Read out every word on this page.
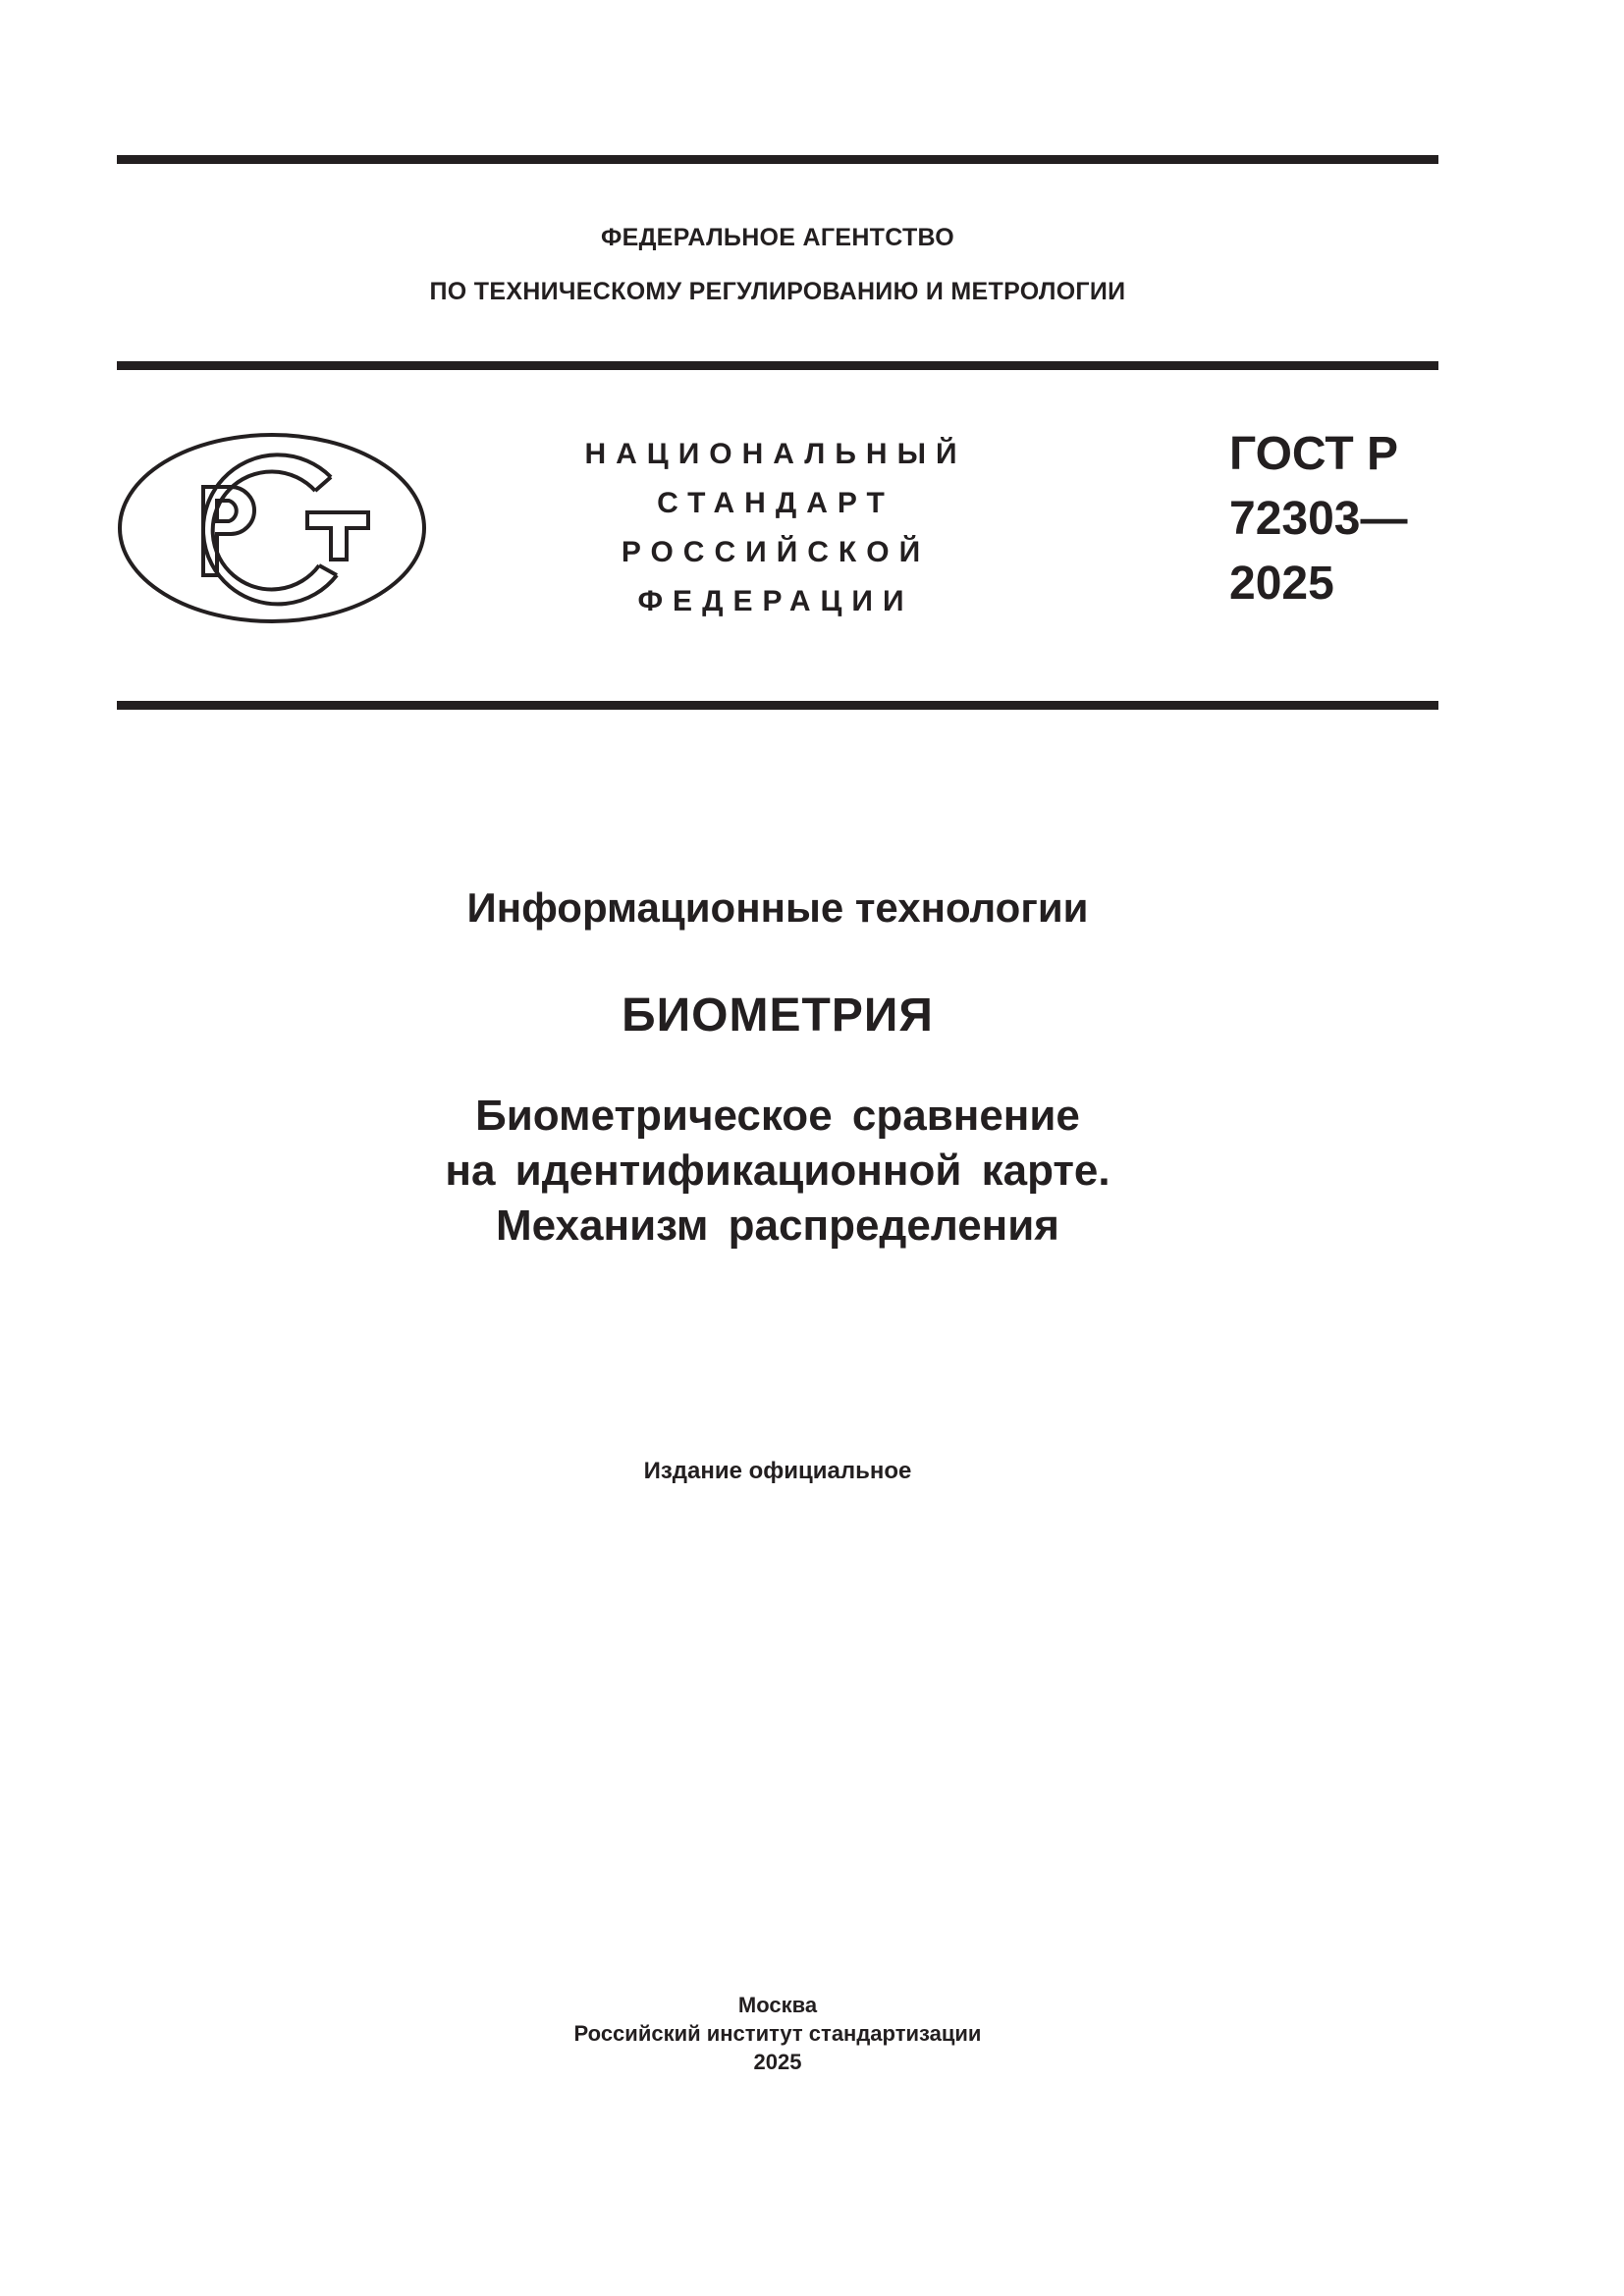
ФЕДЕРАЛЬНОЕ АГЕНТСТВО
ПО ТЕХНИЧЕСКОМУ РЕГУЛИРОВАНИЮ И МЕТРОЛОГИИ
НАЦИОНАЛЬНЫЙ
СТАНДАРТ
РОССИЙСКОЙ
ФЕДЕРАЦИИ
ГОСТ Р
72303—
2025
Информационные технологии
БИОМЕТРИЯ
Биометрическое сравнение
на идентификационной карте.
Механизм распределения
Издание официальное
Москва
Российский институт стандартизации
2025
